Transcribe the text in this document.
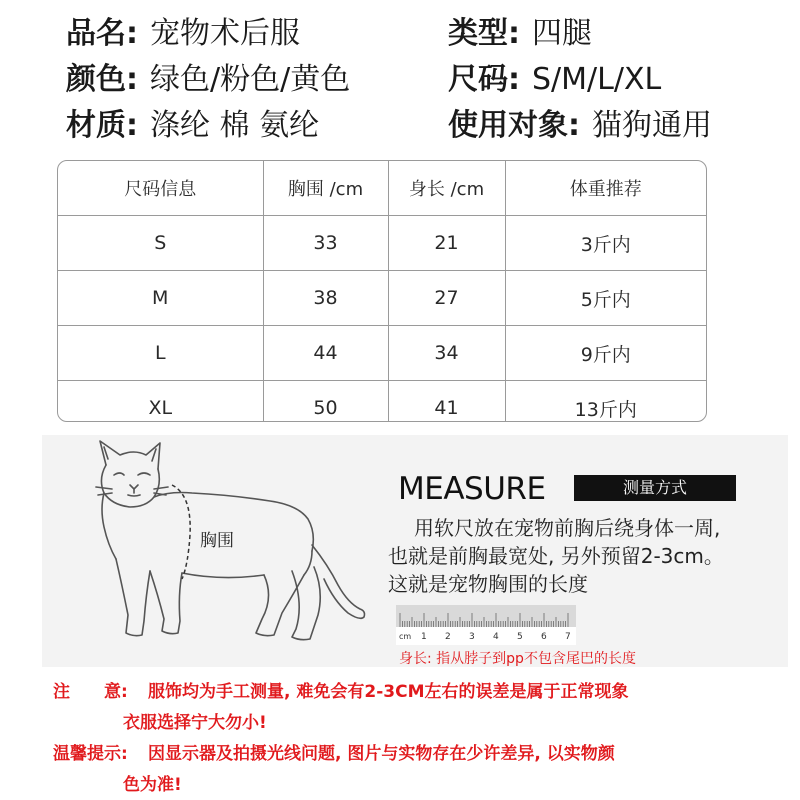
品名: 宠物术后服	类型: 四腿
颜色: 绿色/粉色/黄色	尺码: S/M/L/XL
材质: 涤纶 棉 氨纶	使用对象: 猫狗通用
尺码信息	胸围 /cm	身长 /cm	体重推荐
S	33	21	3斤内
M	38	27	5斤内
L	44	34	9斤内
XL	50	41	13斤内
胸围
MEASURE	测量方式
用软尺放在宠物前胸后绕身体一周,
也就是前胸最宽处, 另外预留2-3cm。
这就是宠物胸围的长度
cm 1 2 3 4 5 6 7
身长: 指从脖子到pp不包含尾巴的长度
注　　意: 服饰均为手工测量, 难免会有2-3CM左右的误差是属于正常现象
衣服选择宁大勿小!
温馨提示: 因显示器及拍摄光线问题, 图片与实物存在少许差异, 以实物颜
色为准!
